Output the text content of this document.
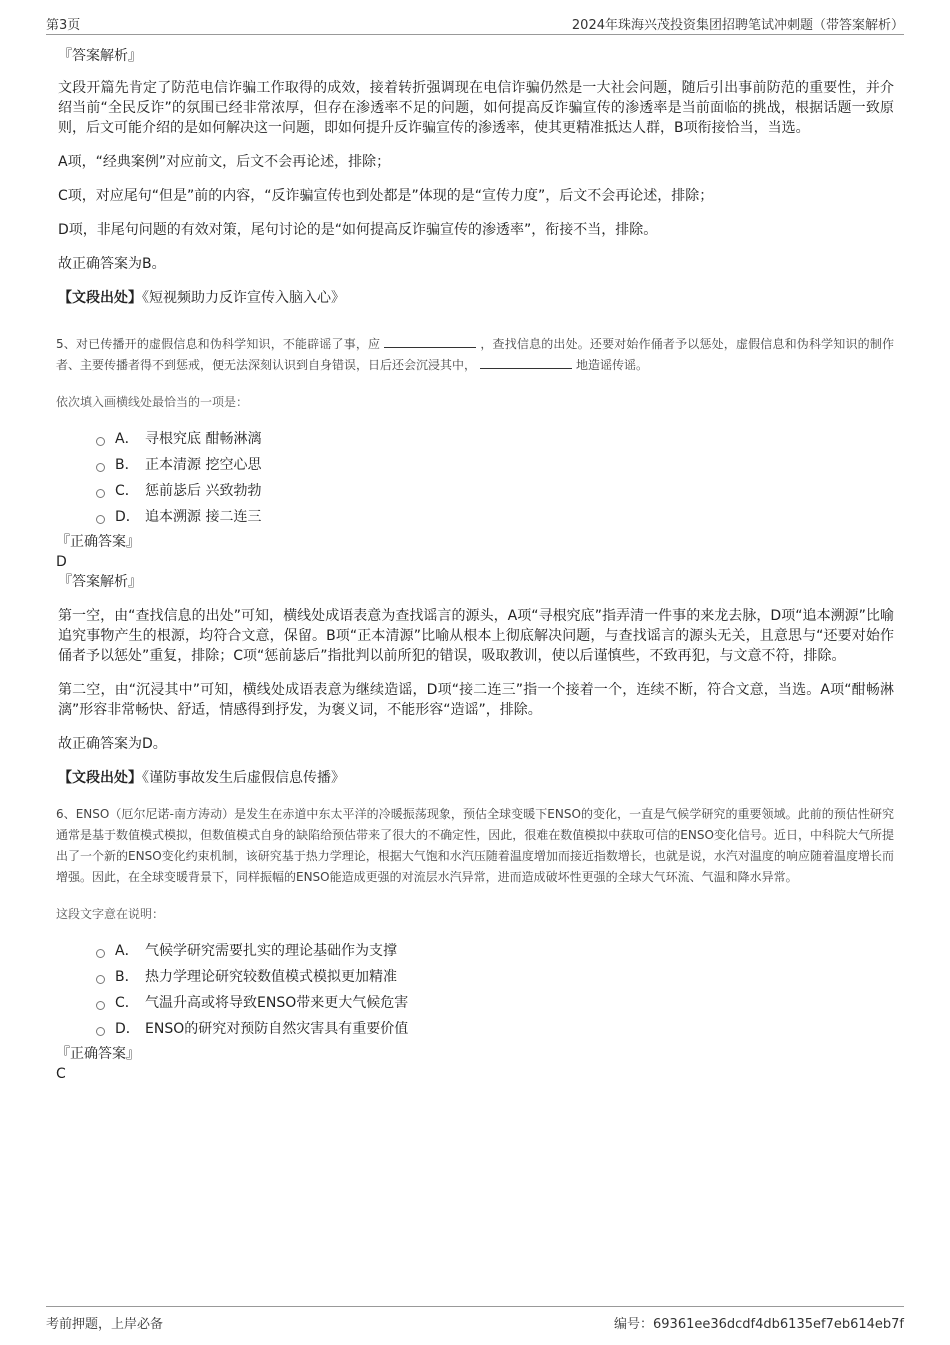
第3页	2024年珠海兴茂投资集团招聘笔试冲刺题（带答案解析）
『答案解析』
文段开篇先肯定了防范电信诈骗工作取得的成效，接着转折强调现在电信诈骗仍然是一大社会问题，随后引出事前防范的重要性，并介绍当前“全民反诈”的氛围已经非常浓厚，但存在渗透率不足的问题，如何提高反诈骗宣传的渗透率是当前面临的挑战，根据话题一致原则，后文可能介绍的是如何解决这一问题，即如何提升反诈骗宣传的渗透率，使其更精准抵达人群，B项衔接恰当，当选。
A项，“经典案例”对应前文，后文不会再论述，排除；
C项，对应尾句“但是”前的内容，“反诈骗宣传也到处都是”体现的是“宣传力度”，后文不会再论述，排除；
D项，非尾句问题的有效对策，尾句讨论的是“如何提高反诈骗宣传的渗透率”，衔接不当，排除。
故正确答案为B。
【文段出处】《短视频助力反诈宣传入脑入心》
5、对已传播开的虚假信息和伪科学知识，不能辟谣了事，应	，查找信息的出处。还要对始作俑者予以惩处，虚假信息和伪科学知识的制作者、主要传播者得不到惩戒，便无法深刻认识到自身错误，日后还会沉浸其中，	地造谣传谣。
依次填入画横线处最恰当的一项是：
A． 寻根究底 酣畅淋漓
B． 正本清源 挖空心思
C． 惩前毖后 兴致勃勃
D． 追本溯源 接二连三
『正确答案』
D
『答案解析』
第一空，由“查找信息的出处”可知，横线处成语表意为查找谣言的源头，A项“寻根究底”指弄清一件事的来龙去脉，D项“追本溯源”比喻追究事物产生的根源，均符合文意，保留。B项“正本清源”比喻从根本上彻底解决问题，与查找谣言的源头无关，且意思与“还要对始作俑者予以惩处”重复，排除；C项“惩前毖后”指批判以前所犯的错误，吸取教训，使以后谨慎些，不致再犯，与文意不符，排除。
第二空，由“沉浸其中”可知，横线处成语表意为继续造谣，D项“接二连三”指一个接着一个，连续不断，符合文意，当选。A项“酣畅淋漓”形容非常畅快、舒适，情感得到抒发，为褒义词，不能形容“造谣”，排除。
故正确答案为D。
【文段出处】《谨防事故发生后虚假信息传播》
6、ENSO（厄尔尼诺-南方涛动）是发生在赤道中东太平洋的冷暖振荡现象，预估全球变暖下ENSO的变化，一直是气候学研究的重要领域。此前的预估性研究通常是基于数值模式模拟，但数值模式自身的缺陷给预估带来了很大的不确定性，因此，很难在数值模拟中获取可信的ENSO变化信号。近日，中科院大气所提出了一个新的ENSO变化约束机制，该研究基于热力学理论，根据大气饱和水汽压随着温度增加而接近指数增长，也就是说，水汽对温度的响应随着温度增长而增强。因此，在全球变暖背景下，同样振幅的ENSO能造成更强的对流层水汽异常，进而造成破坏性更强的全球大气环流、气温和降水异常。
这段文字意在说明：
A． 气候学研究需要扎实的理论基础作为支撑
B． 热力学理论研究较数值模式模拟更加精准
C． 气温升高或将导致ENSO带来更大气候危害
D． ENSO的研究对预防自然灾害具有重要价值
『正确答案』
C
考前押题，上岸必备	编号：69361ee36dcdf4db6135ef7eb614eb7f
